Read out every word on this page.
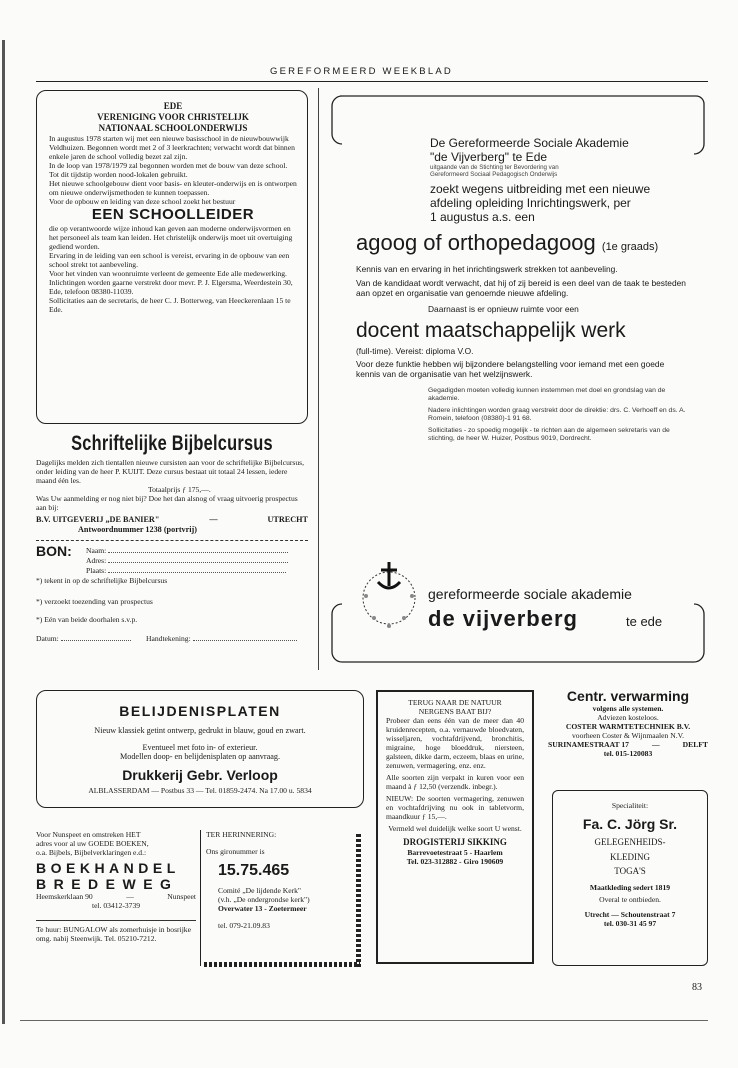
GEREFORMEERD WEEKBLAD
EDE
VERENIGING VOOR CHRISTELIJK
NATIONAAL SCHOOLONDERWIJS

In augustus 1978 starten wij met een nieuwe basisschool in de nieuwbouwwijk Veldhuizen. Begonnen wordt met 2 of 3 leerkrachten; verwacht wordt dat binnen enkele jaren de school volledig bezet zal zijn.

In de loop van 1978/1979 zal begonnen worden met de bouw van deze school. Tot dit tijdstip worden nood-lokalen gebruikt.

Het nieuwe schoolgebouw dient voor basis- en kleuter-onderwijs en is ontworpen om nieuwe onderwijsmethoden te kunnen toepassen.

Voor de opbouw en leiding van deze school zoekt het bestuur

EEN SCHOOLLEIDER

die op verantwoorde wijze inhoud kan geven aan moderne onderwijsvormen en het personeel als team kan leiden. Het christelijk onderwijs moet uit overtuiging gediend worden.

Ervaring in de leiding van een school is vereist, ervaring in de opbouw van een school strekt tot aanbeveling.

Voor het vinden van woonruimte verleent de gemeente Ede alle medewerking.

Inlichtingen worden gaarne verstrekt door mevr. P. J. Elgersma, Weerdestein 30, Ede, telefoon 08380-11039.

Sollicitaties aan de secretaris, de heer C. J. Botterweg, van Heeckerenlaan 15 te Ede.

Schriftelijke Bijbelcursus

Dagelijks melden zich tientallen nieuwe cursisten aan voor de schriftelijke Bijbelcursus, onder leiding van de heer P. KUIJT. Deze cursus bestaat uit totaal 24 lessen, iedere maand één les.

Totaalprijs ƒ 175,—.

Was Uw aanmelding er nog niet bij? Doe het dan alsnog of vraag uitvoerig prospectus aan bij:

B.V. UITGEVERIJ „DE BANIER"	—	UTRECHT
Antwoordnummer 1238 (portvrij)
BON: Naam:
Adres:
Plaats:
*) tekent in op de schriftelijke Bijbelcursus
*) verzoekt toezending van prospectus
*) Eén van beide doorhalen s.v.p.
Datum:	Handtekening:
De Gereformeerde Sociale Akademie
"de Vijverberg" te Ede
uitgaande van de Stichting ter Bevordering van
Gereformeerd Sociaal Pedagogisch Onderwijs
zoekt wegens uitbreiding met een nieuwe
afdeling opleiding Inrichtingswerk, per
1 augustus a.s. een
agoog of orthopedagoog (1e graads)

Kennis van en ervaring in het inrichtingswerk strekken tot aanbeveling.

Van de kandidaat wordt verwacht, dat hij of zij bereid is een deel van de taak te besteden aan opzet en organisatie van genoemde nieuwe afdeling.

Daarnaast is er opnieuw ruimte voor een

docent maatschappelijk werk

(full-time). Vereist: diploma V.O.

Voor deze funktie hebben wij bijzondere belangstelling voor iemand met een goede kennis van de organisatie van het welzijnswerk.

Gegadigden moeten volledig kunnen instemmen met doel en grondslag van de akademie.

Nadere inlichtingen worden graag verstrekt door de direktie: drs. C. Verhoeff en ds. A. Romein, telefoon (08380)-1 91 68.

Sollicitaties - zo spoedig mogelijk - te richten aan de algemeen sekretaris van de stichting, de heer W. Huizer, Postbus 9019, Dordrecht.

gereformeerde sociale akademie
de vijverberg	te ede
BELIJDENISPLATEN
Nieuw klassiek getint ontwerp, gedrukt in blauw, goud en zwart.
Eventueel met foto in- of exterieur.
Modellen doop- en belijdenisplaten op aanvraag.
Drukkerij Gebr. Verloop
ALBLASSERDAM — Postbus 33 — Tel. 01859-2474. Na 17.00 u. 5834
TERUG NAAR DE NATUUR
NERGENS BAAT BIJ?

Probeer dan eens één van de meer dan 40 kruidenrecepten, o.a. vernauwde bloedvaten, wisseljaren, vochtafdrijvend, bronchitis, migraine, hoge bloeddruk, niersteen, galsteen, dikke darm, eczeem, blaas en urine, zenuwen, vermagering, enz. enz.

Alle soorten zijn verpakt in kuren voor een maand à ƒ 12,50 (verzendk. inbegr.).

NIEUW: De soorten vermagering, zenuwen en vochtafdrijving nu ook in tabletvorm, maandkuur ƒ 15,—.

Vermeld wel duidelijk welke soort U wenst.

DROGISTERIJ SIKKING
Barrevoetestraat 5 - Haarlem
Tel. 023-312882 - Giro 190609
Centr. verwarming
volgens alle systemen.
Adviezen kosteloos.
COSTER WARMTETECHNIEK B.V.
voorheen Coster & Wijnmaalen N.V.
SURINAMESTRAAT 17	—	DELFT
tel. 015-120083
Specialiteit:
Fa. C. Jörg Sr.
GELEGENHEIDS-
KLEDING
TOGA'S
Maatkleding sedert 1819
Overal te ontbieden.
Utrecht — Schoutenstraat 7
tel. 030-31 45 97
Voor Nunspeet en omstreken HET
adres voor al uw GOEDE BOEKEN,
o.a. Bijbels, Bijbelverklaringen e.d.:
BOEKHANDEL
BREDEWEG
Heemskerklaan 90	—	Nunspeet
tel. 03412-3739

Te huur: BUNGALOW als zomerhuisje in bosrijke omg. nabij Steenwijk. Tel. 05210-7212.

TER HERINNERING:
Ons gironummer is
15.75.465
Comité „De lijdende Kerk"
(v.h. „De ondergrondse kerk")
Overwater 13 - Zoetermeer
tel. 079-21.09.83
83
